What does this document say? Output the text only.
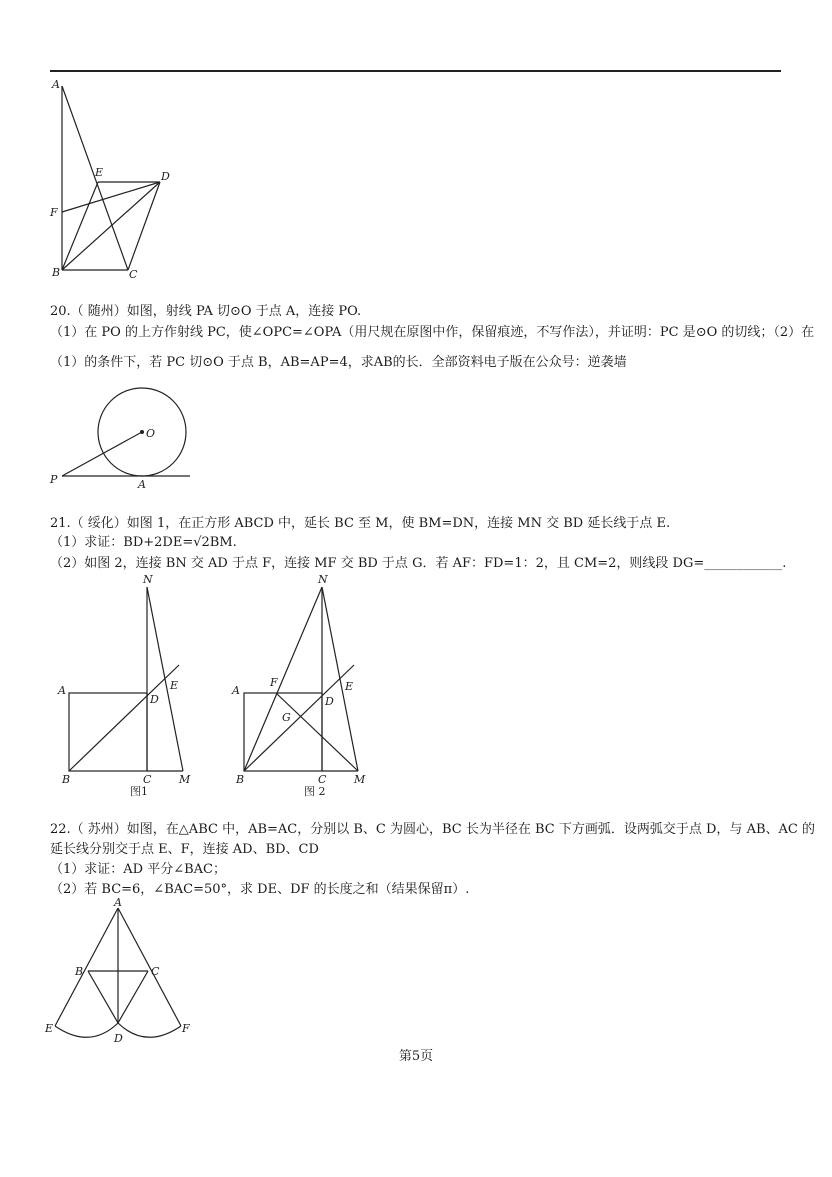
A
E	D
F
B	C
20.（ 随州）如图，射线 PA 切⊙O 于点 A，连接 PO.
（1）在 PO 的上方作射线 PC，使∠OPC=∠OPA（用尺规在原图中作，保留痕迹，不写作法），并证明：PC 是⊙O 的切线；（2）在
（1）的条件下，若 PC 切⊙O 于点 B，AB=AP=4，求AB的长．全部资料电子版在公众号：逆袭墙
O
P	A
21.（ 绥化）如图 1，在正方形 ABCD 中，延长 BC 至 M，使 BM=DN，连接 MN 交 BD 延长线于点 E.
（1）求证：BD+2DE=√2BM.
（2）如图 2，连接 BN 交 AD 于点 F，连接 MF 交 BD 于点 G．若 AF：FD=1：2，且 CM=2，则线段 DG=____________.
N
A
D
E
B	C	M
图1
N
A
F
D
E
G
B	C	M
图 2
22.（ 苏州）如图，在△ABC 中，AB=AC，分别以 B、C 为圆心，BC 长为半径在 BC 下方画弧．设两弧交于点 D，与 AB、AC 的
延长线分别交于点 E、F，连接 AD、BD、CD
（1）求证：AD 平分∠BAC；
（2）若 BC=6，∠BAC=50°，求 DE、DF 的长度之和（结果保留π）.
A
B	C
E	F
D
第5页
